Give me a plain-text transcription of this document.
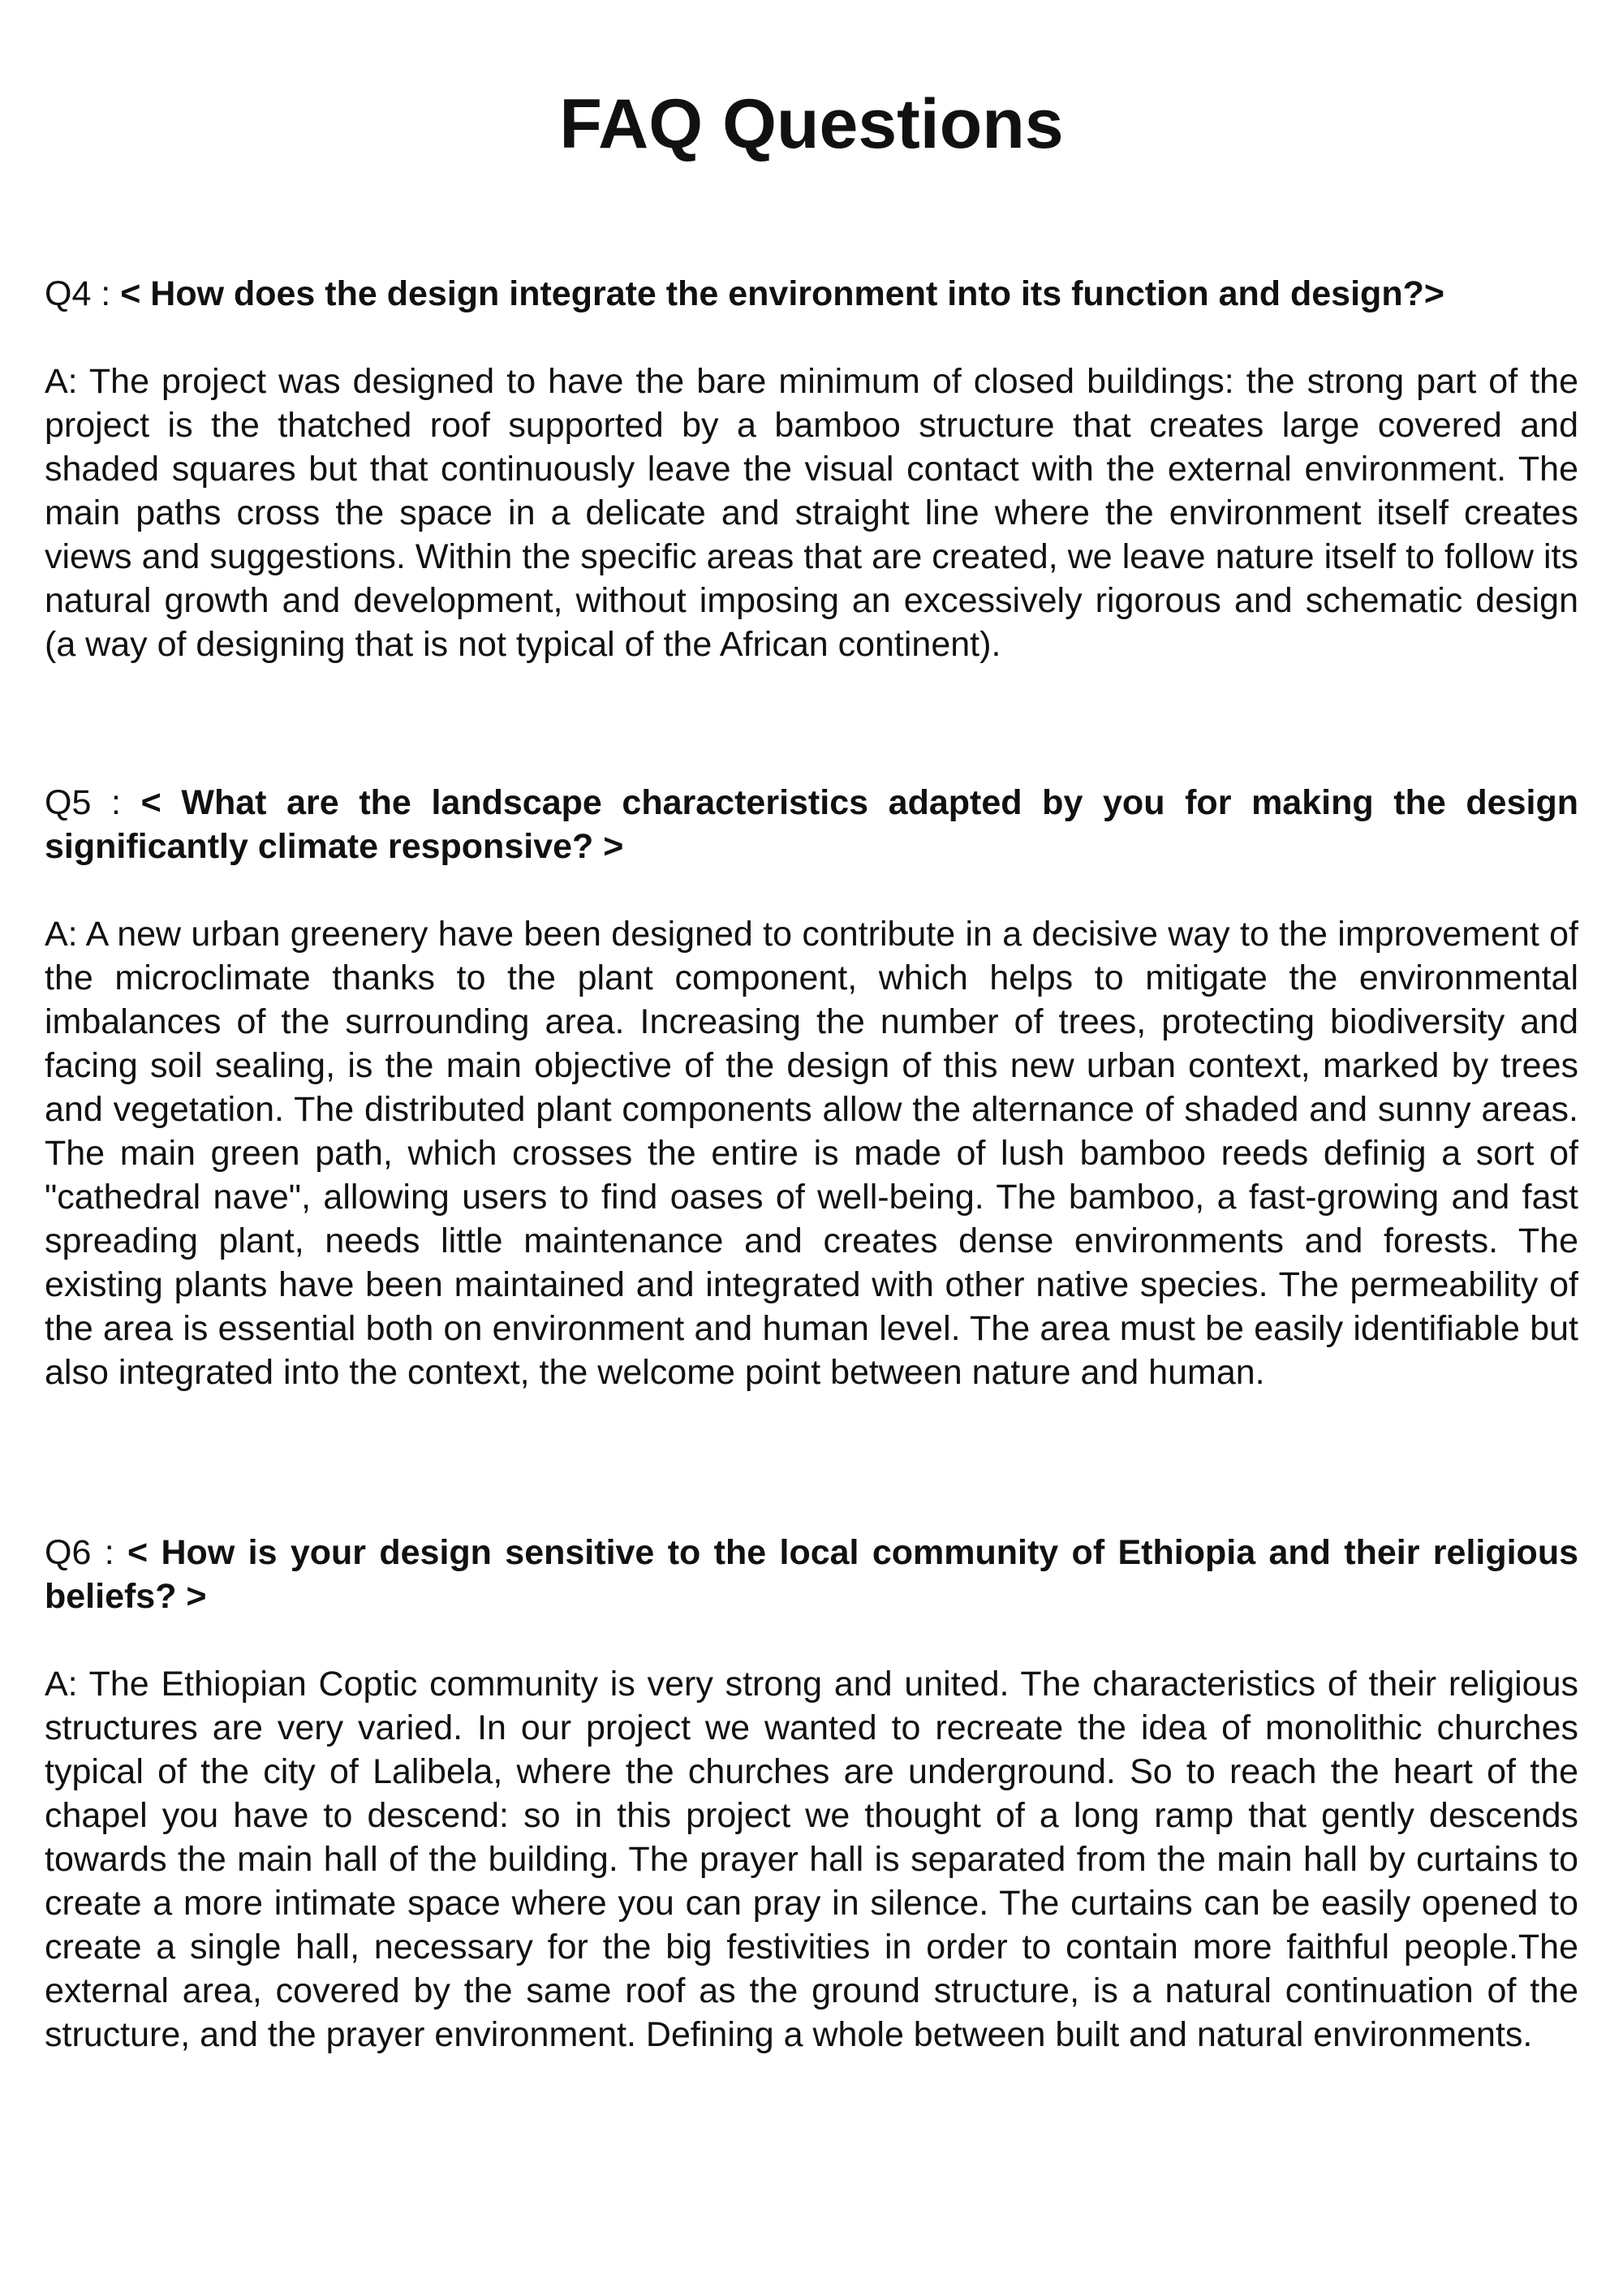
FAQ Questions

Q4 : < How does the design integrate the environment into its function and design?>

A: The project was designed to have the bare minimum of closed buildings: the strong part of the project is the thatched roof supported by a bamboo structure that creates large covered and shaded squares but that continuously leave the visual contact with the external environment. The main paths cross the space in a delicate and straight line where the environment itself creates views and suggestions. Within the specific areas that are created, we leave nature itself to follow its natural growth and development, without imposing an excessively rigorous and schematic design (a way of designing that is not typical of the African continent).

Q5 : < What are the landscape characteristics adapted by you for making the design significantly climate responsive? >

A: A new urban greenery have been designed to contribute in a decisive way to the improvement of the microclimate thanks to the plant component, which helps to mitigate the environmental imbalances of the surrounding area. Increasing the number of trees, protecting biodiversity and facing soil sealing, is the main objective of the design of this new urban context, marked by trees and vegetation. The distributed plant components allow the alternance of shaded and sunny areas. The main green path, which crosses the entire is made of lush bamboo reeds definig a sort of "cathedral nave", allowing users to find oases of well-being. The bamboo, a fast-growing and fast spreading plant, needs little maintenance and creates dense environments and forests. The existing plants have been maintained and integrated with other native species. The permeability of the area is essential both on environment and human level. The area must be easily identifiable but also integrated into the context, the welcome point between nature and human.

Q6 : < How is your design sensitive to the local community of Ethiopia and their religious beliefs? >

A: The Ethiopian Coptic community is very strong and united. The characteristics of their religious structures are very varied. In our project we wanted to recreate the idea of monolithic churches typical of the city of Lalibela, where the churches are underground. So to reach the heart of the chapel you have to descend: so in this project we thought of a long ramp that gently descends towards the main hall of the building. The prayer hall is separated from the main hall by curtains to create a more intimate space where you can pray in silence. The curtains can be easily opened to create a single hall, necessary for the big festivities in order to contain more faithful people.The external area, covered by the same roof as the ground structure, is a natural continuation of the structure, and the prayer environment. Defining a whole between built and natural environments.
